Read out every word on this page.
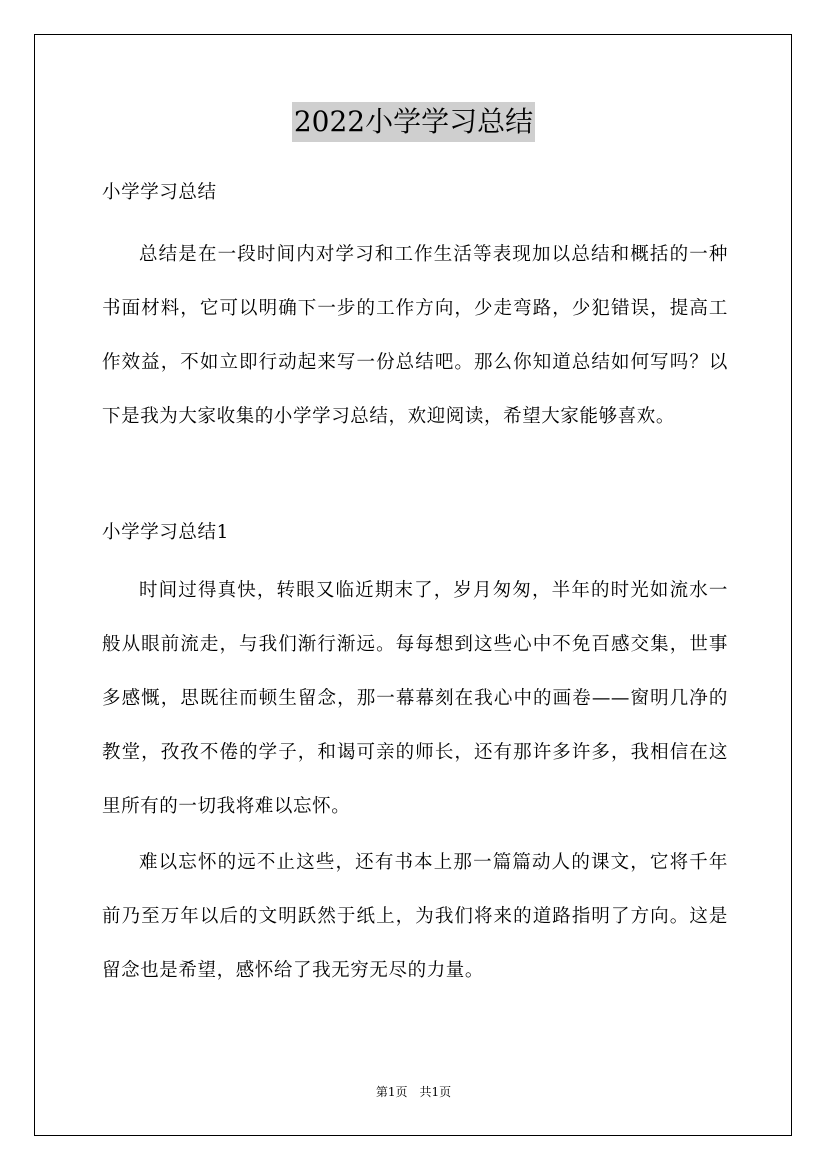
2022小学学习总结

小学学习总结

总结是在一段时间内对学习和工作生活等表现加以总结和概括的一种书面材料，它可以明确下一步的工作方向，少走弯路，少犯错误，提高工作效益，不如立即行动起来写一份总结吧。那么你知道总结如何写吗？以下是我为大家收集的小学学习总结，欢迎阅读，希望大家能够喜欢。

小学学习总结1

时间过得真快，转眼又临近期末了，岁月匆匆，半年的时光如流水一般从眼前流走，与我们渐行渐远。每每想到这些心中不免百感交集，世事多感慨，思既往而顿生留念，那一幕幕刻在我心中的画卷——窗明几净的教堂，孜孜不倦的学子，和谒可亲的师长，还有那许多许多，我相信在这里所有的一切我将难以忘怀。

难以忘怀的远不止这些，还有书本上那一篇篇动人的课文，它将千年前乃至万年以后的文明跃然于纸上，为我们将来的道路指明了方向。这是留念也是希望，感怀给了我无穷无尽的力量。

第1页　共1页
